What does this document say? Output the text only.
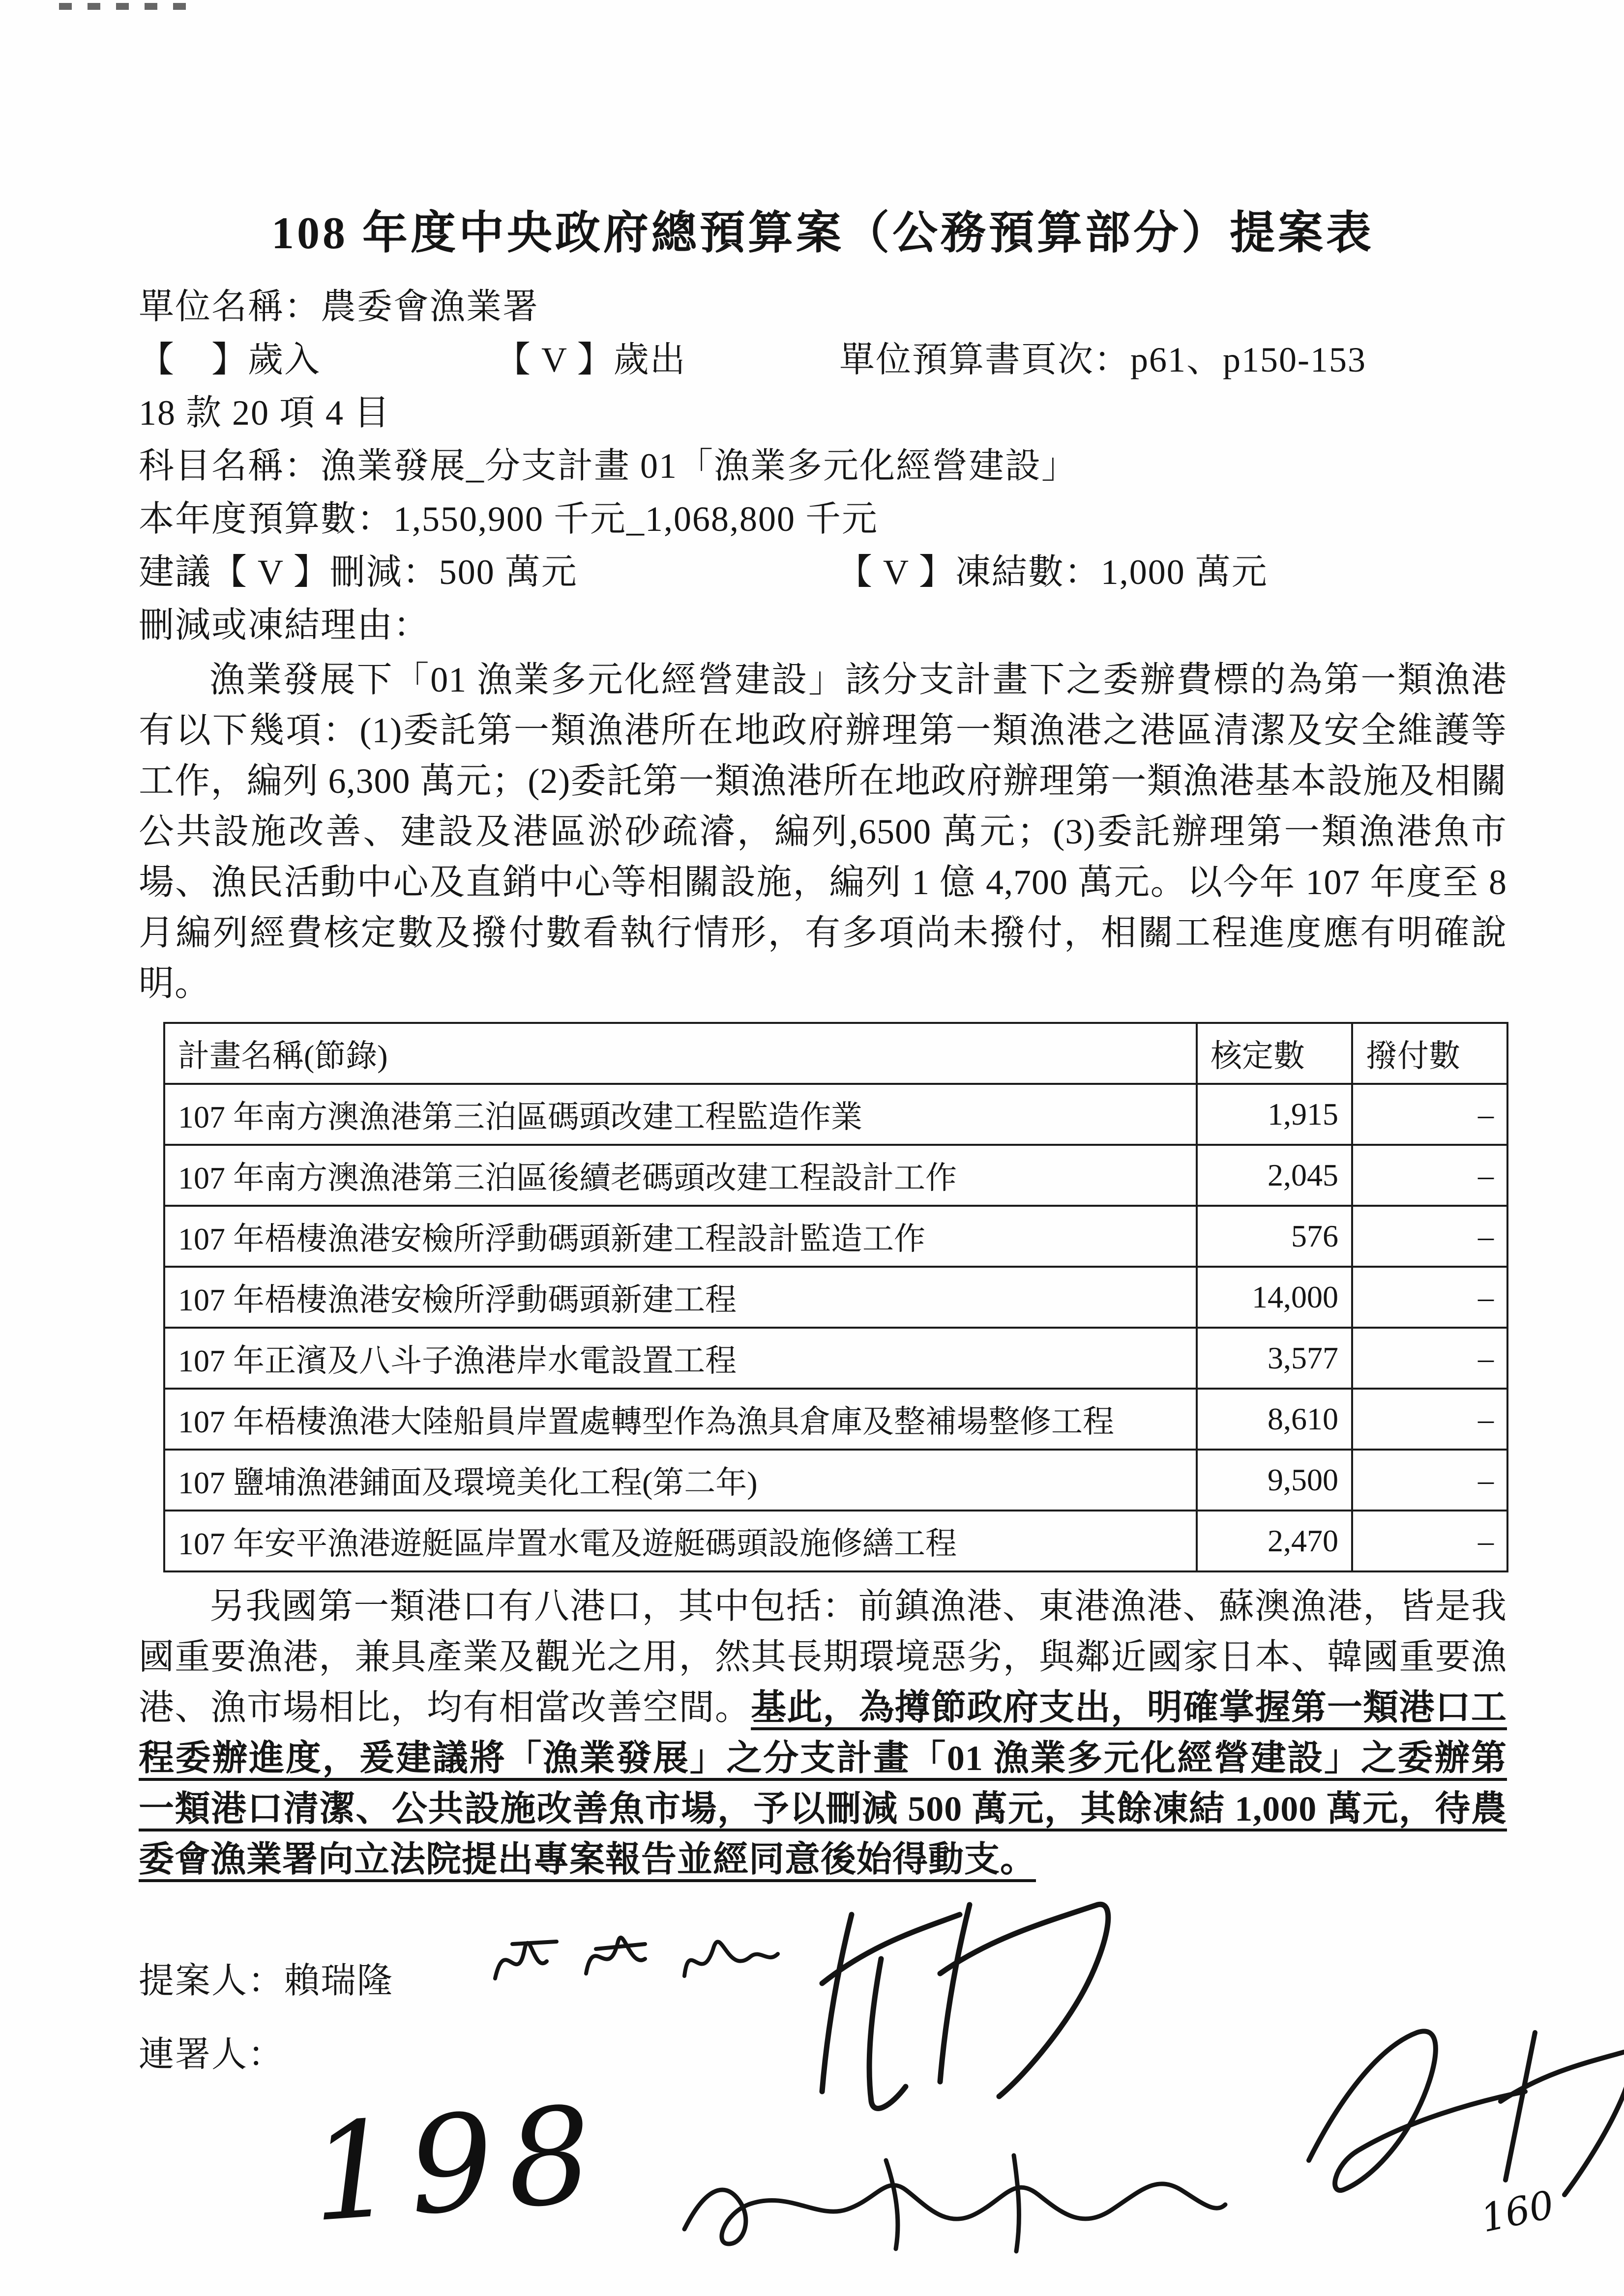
108 年度中央政府總預算案（公務預算部分）提案表
單位名稱：農委會漁業署
【　】歲入	【 V 】歲出	單位預算書頁次：p61、p150-153
18 款 20 項 4 目
科目名稱：漁業發展_分支計畫 01「漁業多元化經營建設」
本年度預算數：1,550,900 千元_1,068,800 千元
建議【 V 】刪減：500 萬元	【 V 】凍結數：1,000 萬元
刪減或凍結理由：

漁業發展下「01 漁業多元化經營建設」該分支計畫下之委辦費標的為第一類漁港有以下幾項：(1)委託第一類漁港所在地政府辦理第一類漁港之港區清潔及安全維護等工作，編列 6,300 萬元；(2)委託第一類漁港所在地政府辦理第一類漁港基本設施及相關公共設施改善、建設及港區淤砂疏濬，編列,6500 萬元；(3)委託辦理第一類漁港魚市場、漁民活動中心及直銷中心等相關設施，編列 1 億 4,700 萬元。以今年 107 年度至 8 月編列經費核定數及撥付數看執行情形，有多項尚未撥付，相關工程進度應有明確說明。

計畫名稱(節錄)	核定數	撥付數
107 年南方澳漁港第三泊區碼頭改建工程監造作業	1,915	–
107 年南方澳漁港第三泊區後續老碼頭改建工程設計工作	2,045	–
107 年梧棲漁港安檢所浮動碼頭新建工程設計監造工作	576	–
107 年梧棲漁港安檢所浮動碼頭新建工程	14,000	–
107 年正濱及八斗子漁港岸水電設置工程	3,577	–
107 年梧棲漁港大陸船員岸置處轉型作為漁具倉庫及整補場整修工程	8,610	–
107 鹽埔漁港鋪面及環境美化工程(第二年)	9,500	–
107 年安平漁港遊艇區岸置水電及遊艇碼頭設施修繕工程	2,470	–

另我國第一類港口有八港口，其中包括：前鎮漁港、東港漁港、蘇澳漁港，皆是我國重要漁港，兼具產業及觀光之用，然其長期環境惡劣，與鄰近國家日本、韓國重要漁港、漁市場相比，均有相當改善空間。基此，為撙節政府支出，明確掌握第一類港口工程委辦進度，爰建議將「漁業發展」之分支計畫「01 漁業多元化經營建設」之委辦第一類港口清潔、公共設施改善魚市場，予以刪減 500 萬元，其餘凍結 1,000 萬元，待農委會漁業署向立法院提出專案報告並經同意後始得動支。

提案人：賴瑞隆
連署人：
198	160
